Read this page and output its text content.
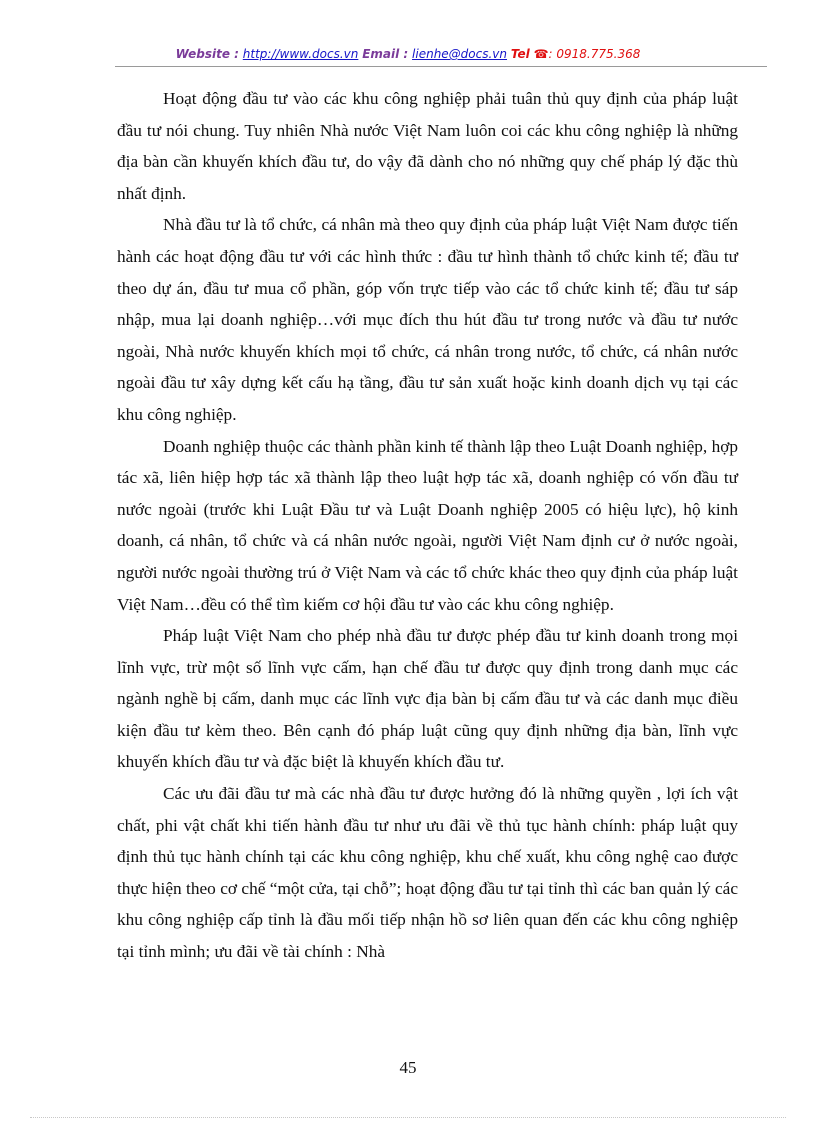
Website : http://www.docs.vn Email : lienhe@docs.vn Tel ☎: 0918.775.368

Hoạt động đầu tư vào các khu công nghiệp phải tuân thủ quy định của pháp luật đầu tư nói chung. Tuy nhiên Nhà nước Việt Nam luôn coi các khu công nghiệp là những địa bàn cần khuyến khích đầu tư, do vậy đã dành cho nó những quy chế pháp lý đặc thù nhất định.

Nhà đầu tư là tổ chức, cá nhân mà theo quy định của pháp luật Việt Nam được tiến hành các hoạt động đầu tư với các hình thức : đầu tư hình thành tổ chức kinh tế; đầu tư theo dự án, đầu tư mua cổ phần, góp vốn trực tiếp vào các tổ chức kinh tế; đầu tư sáp nhập, mua lại doanh nghiệp…với mục đích thu hút đầu tư trong nước và đầu tư nước ngoài, Nhà nước khuyến khích mọi tổ chức, cá nhân trong nước, tổ chức, cá nhân nước ngoài đầu tư xây dựng kết cấu hạ tầng, đầu tư sản xuất hoặc kinh doanh dịch vụ tại các khu công nghiệp.

Doanh nghiệp thuộc các thành phần kinh tế thành lập theo Luật Doanh nghiệp, hợp tác xã, liên hiệp hợp tác xã thành lập theo luật hợp tác xã, doanh nghiệp có vốn đầu tư nước ngoài (trước khi Luật Đầu tư và Luật Doanh nghiệp 2005 có hiệu lực), hộ kinh doanh, cá nhân, tổ chức và cá nhân nước ngoài, người Việt Nam định cư ở nước ngoài, người nước ngoài thường trú ở Việt Nam và các tổ chức khác theo quy định của pháp luật Việt Nam…đều có thể tìm kiếm cơ hội đầu tư vào các khu công nghiệp.

Pháp luật Việt Nam cho phép nhà đầu tư được phép đầu tư kinh doanh trong mọi lĩnh vực, trừ một số lĩnh vực cấm, hạn chế đầu tư được quy định trong danh mục các ngành nghề bị cấm, danh mục các lĩnh vực địa bàn bị cấm đầu tư và các danh mục điều kiện đầu tư kèm theo. Bên cạnh đó pháp luật cũng quy định những địa bàn, lĩnh vực khuyến khích đầu tư và đặc biệt là khuyến khích đầu tư.

Các ưu đãi đầu tư mà các nhà đầu tư được hưởng đó là những quyền , lợi ích vật chất, phi vật chất khi tiến hành đầu tư như ưu đãi về thủ tục hành chính: pháp luật quy định thủ tục hành chính tại các khu công nghiệp, khu chế xuất, khu công nghệ cao được thực hiện theo cơ chế “một cửa, tại chỗ”; hoạt động đầu tư tại tỉnh thì các ban quản lý các khu công nghiệp cấp tỉnh là đầu mối tiếp nhận hồ sơ liên quan đến các khu công nghiệp tại tỉnh mình; ưu đãi về tài chính : Nhà

45
